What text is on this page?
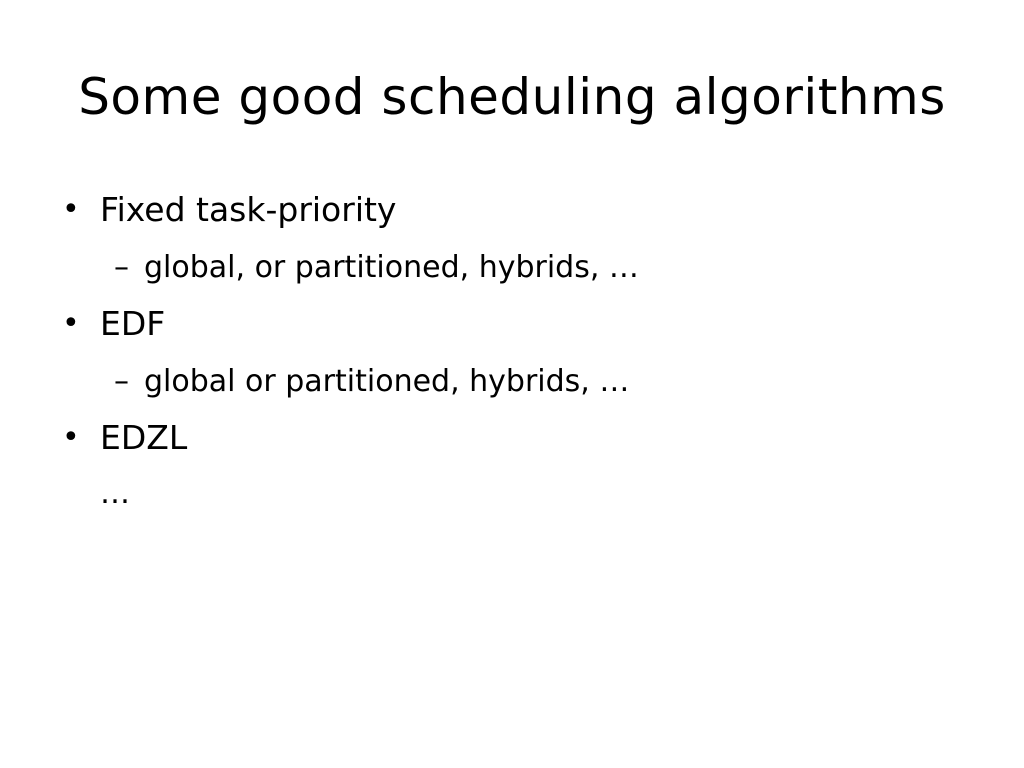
Some good scheduling algorithms
• Fixed task-priority
– global, or partitioned, hybrids, …
• EDF
– global or partitioned, hybrids, …
• EDZL
…
